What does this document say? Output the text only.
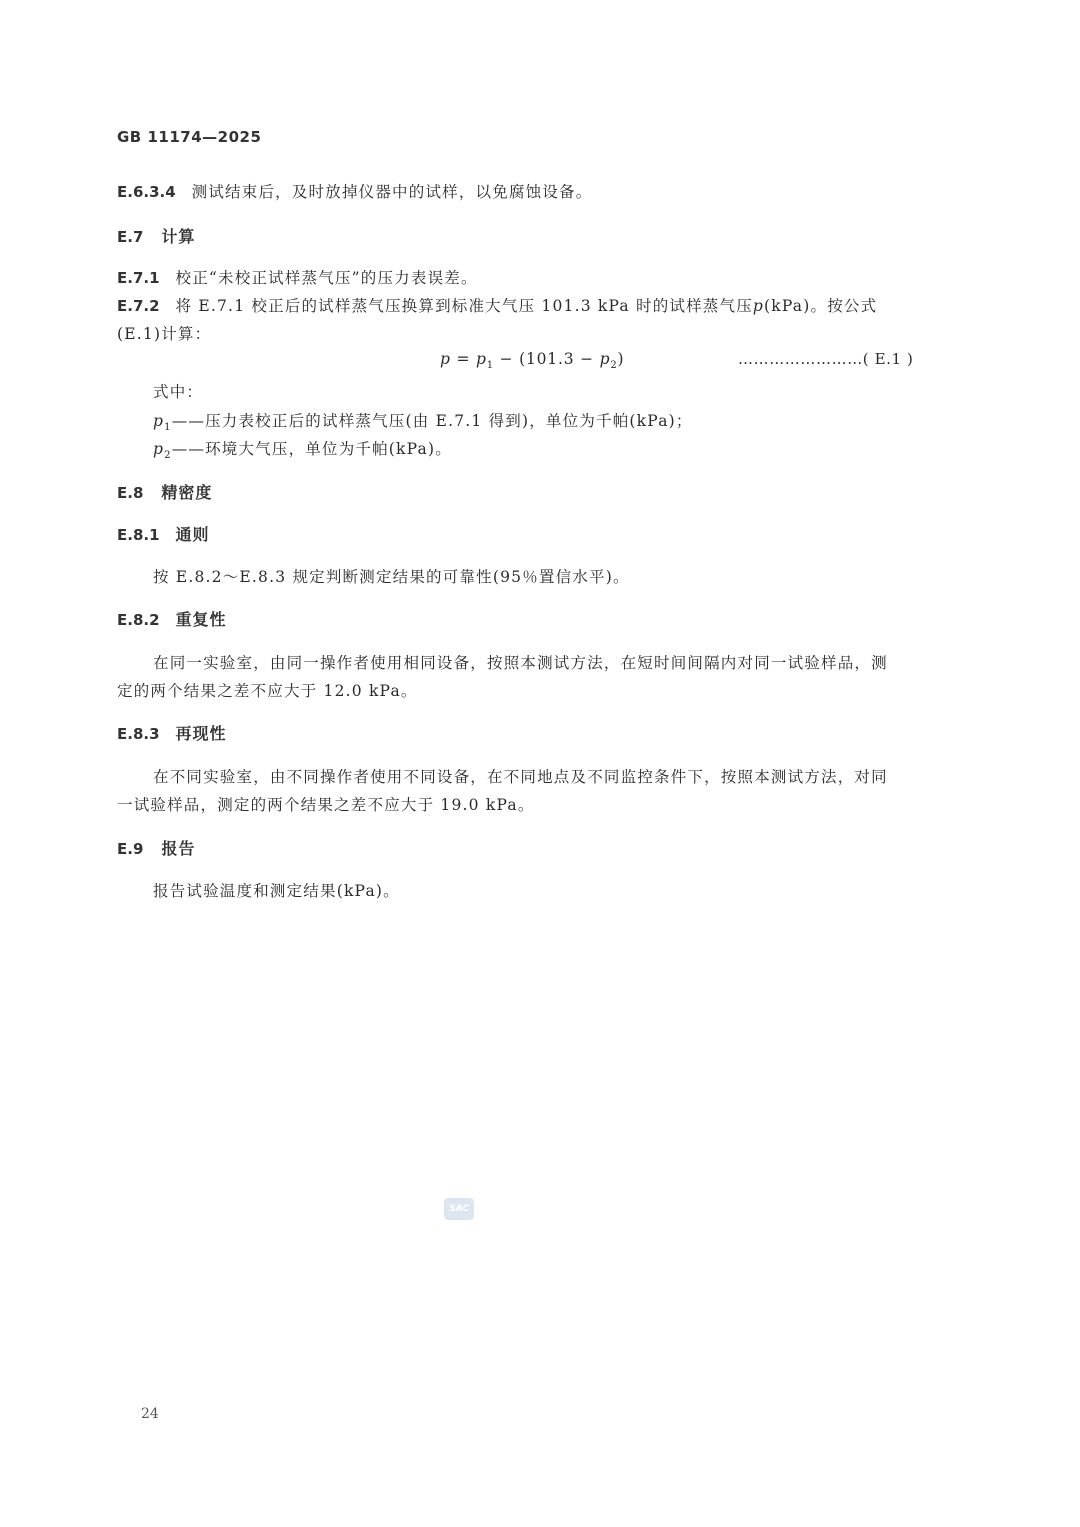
GB 11174—2025
E.6.3.4 测试结束后，及时放掉仪器中的试样，以免腐蚀设备。
E.7 计算
E.7.1 校正“未校正试样蒸气压”的压力表误差。
E.7.2 将 E.7.1 校正后的试样蒸气压换算到标准大气压 101.3 kPa 时的试样蒸气压 p (kPa)。按公式
(E.1)计算：
$p = p_1 - (101.3 - p_2)$	……………………( E.1 )
式中：
$p_1——$压力表校正后的试样蒸气压(由 E.7.1 得到)，单位为千帕(kPa)；
$p_2——$环境大气压，单位为千帕(kPa)。
E.8 精密度
E.8.1 通则
按 E.8.2～E.8.3 规定判断测定结果的可靠性(95％置信水平)。
E.8.2 重复性
在同一实验室，由同一操作者使用相同设备，按照本测试方法，在短时间间隔内对同一试验样品，测
定的两个结果之差不应大于 12.0 kPa。
E.8.3 再现性
在不同实验室，由不同操作者使用不同设备，在不同地点及不同监控条件下，按照本测试方法，对同
一试验样品，测定的两个结果之差不应大于 19.0 kPa。
E.9 报告
报告试验温度和测定结果(kPa)。
SAC
24
